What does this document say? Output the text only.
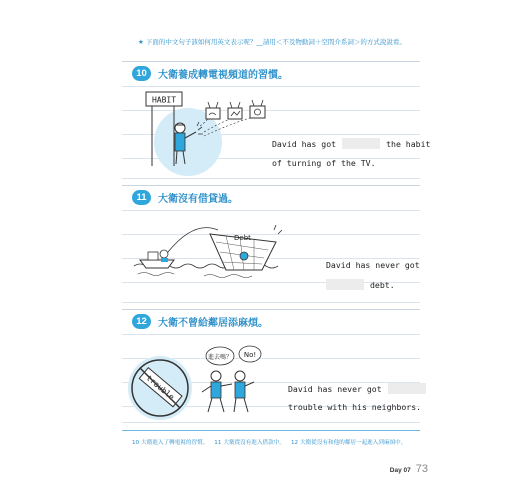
★ 下面的中文句子該如何用英文表示呢？__請用＜不及物動詞＋空間介系詞＞的方式說說看。
10	大衛養成轉電視頻道的習慣。
HABIT
David has got	the habit
of turning of the TV.
11	大衛沒有借貸過。
Debt
David has never got
debt.
12	大衛不曾給鄰居添麻煩。
進去嗎？ No!
David has never got
trouble with his neighbors.
10 大衛進入了轉電視的習慣。 11 大衛從沒有進入借款中。 12 大衛從沒有和他的鄰居一起進入到麻煩中。
Day 07 73
